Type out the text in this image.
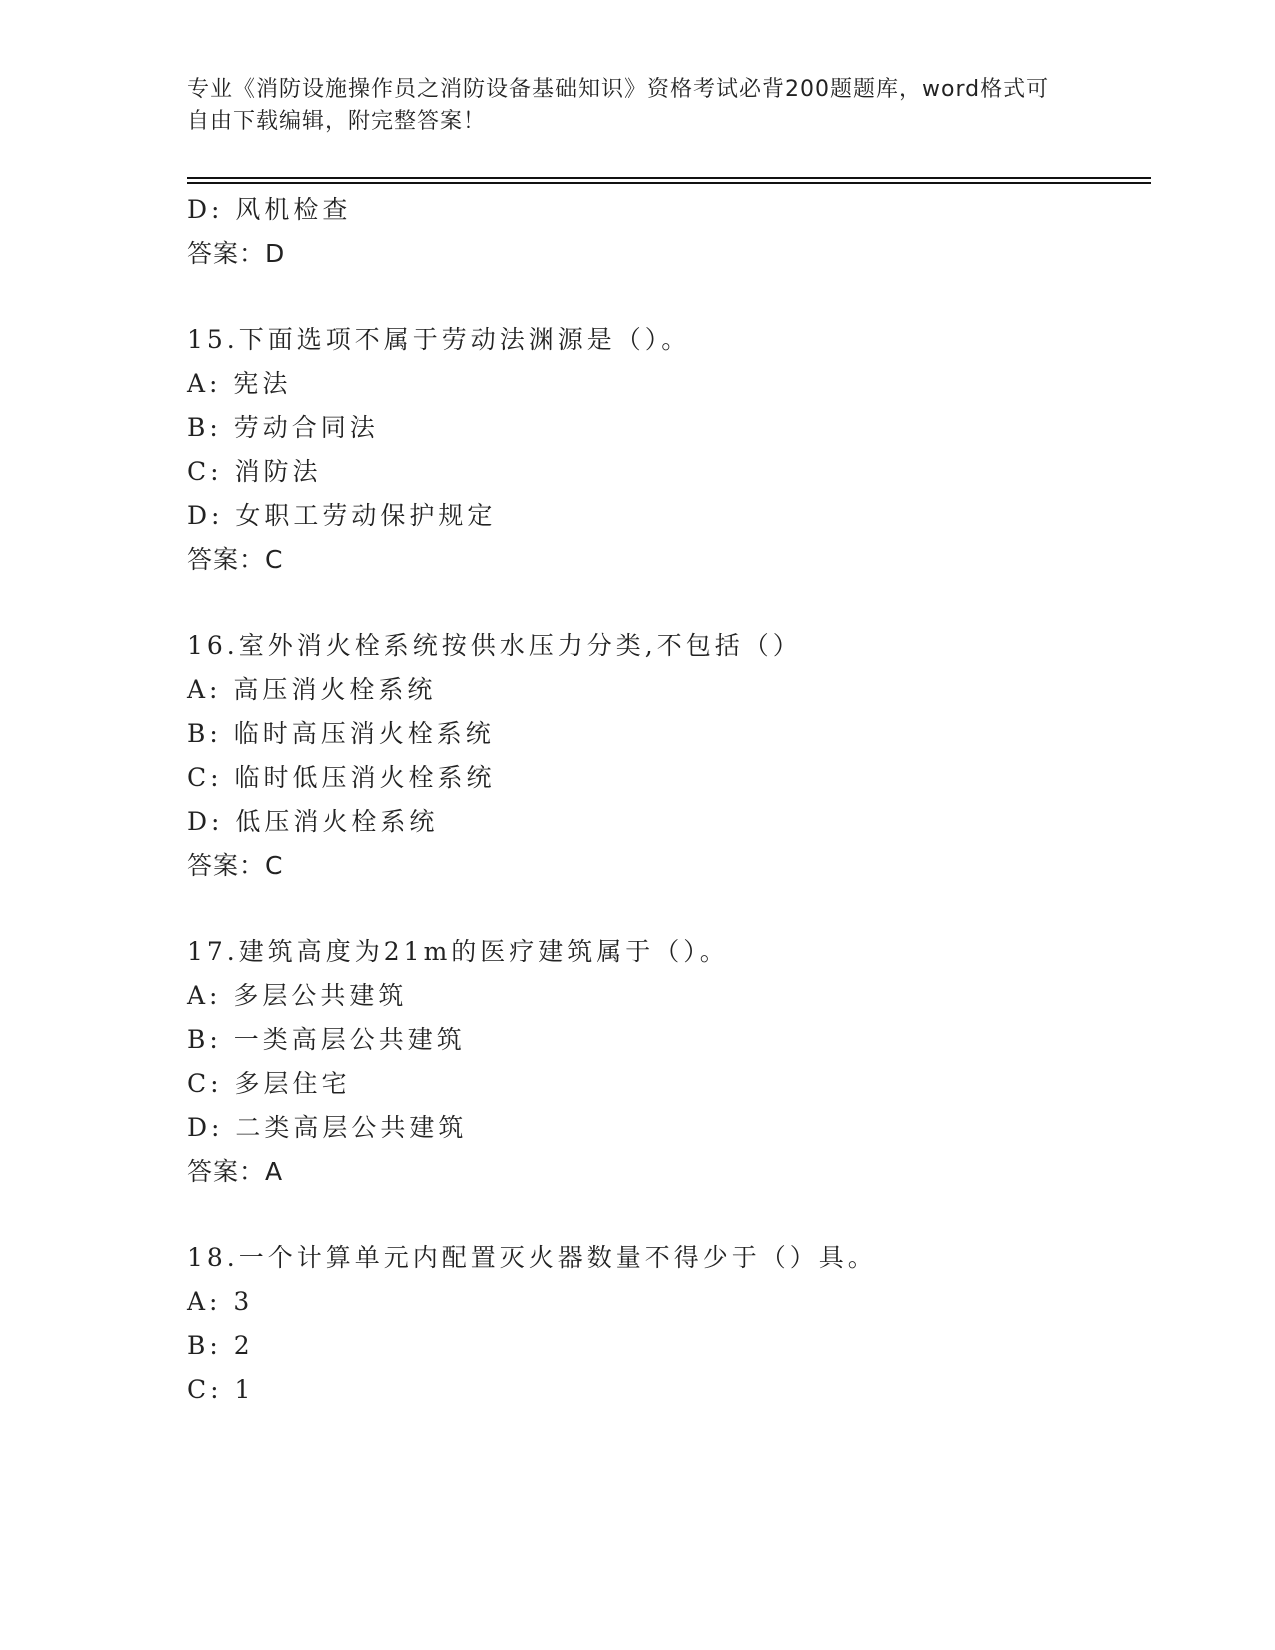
专业《消防设施操作员之消防设备基础知识》资格考试必背200题题库，word格式可自由下载编辑，附完整答案！

D: 风机检查
答案：D
15.下面选项不属于劳动法渊源是（）。
A: 宪法
B: 劳动合同法
C: 消防法
D: 女职工劳动保护规定
答案：C
16.室外消火栓系统按供水压力分类,不包括（）
A: 高压消火栓系统
B: 临时高压消火栓系统
C: 临时低压消火栓系统
D: 低压消火栓系统
答案：C
17.建筑高度为21m的医疗建筑属于（）。
A: 多层公共建筑
B: 一类高层公共建筑
C: 多层住宅
D: 二类高层公共建筑
答案：A
18.一个计算单元内配置灭火器数量不得少于（）具。
A: 3
B: 2
C: 1
